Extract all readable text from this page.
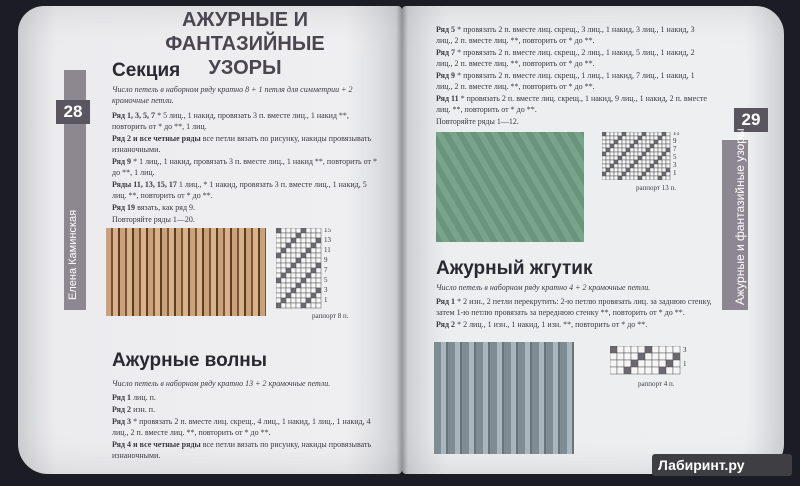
28
Елена Каминская
29
Ажурные и фантазийные узоры
АЖУРНЫЕ И ФАНТАЗИЙНЫЕ
УЗОРЫ
Секция
Число петель в наборном ряду кратно 8 + 1 петля для симметрии + 2 кромочные петли.
Ряд 1, 3, 5, 7 * 5 лиц., 1 накид, провязать 3 п. вместе лиц., 1 накид **, повторить от * до **, 1 лиц.
Ряд 2 и все четные ряды все петли вязать по рисунку, накиды провязывать изнаночными.
Ряд 9 * 1 лиц., 1 накид, провязать 3 п. вместе лиц., 1 накид **, повторить от * до **, 1 лиц.
Ряды 11, 13, 15, 17 1 лиц., * 1 накид, провязать 3 п. вместе лиц., 1 накид, 5 лиц. **, повторить от * до **.
Ряд 19 вязать, как ряд 9.
Повторяйте ряды 1—20.
15
13
11
9
7
5
3
1
раппорт 8 п.
Ажурные волны
Число петель в наборном ряду кратно 13 + 2 кромочные петли.
Ряд 1 лиц. п.
Ряд 2 изн. п.
Ряд 3 * провязать 2 п. вместе лиц. скрещ., 4 лиц., 1 накид, 1 лиц., 1 накид, 4 лиц., 2 п. вместе лиц. **, повторить от * до **.
Ряд 4 и все четные ряды все петли вязать по рисунку, накиды провязывать изнаночными.
Ряд 5 * провязать 2 п. вместе лиц. скрещ., 3 лиц., 1 накид, 3 лиц., 1 накид, 3 лиц., 2 п. вместе лиц. **, повторить от * до **.
Ряд 7 * провязать 2 п. вместе лиц. скрещ., 2 лиц., 1 накид, 5 лиц., 1 накид, 2 лиц., 2 п. вместе лиц. **, повторить от * до **.
Ряд 9 * провязать 2 п. вместе лиц. скрещ., 1 лиц., 1 накид, 7 лиц., 1 накид, 1 лиц., 2 п. вместе лиц. **, повторить от * до **.
Ряд 11 * провязать 2 п. вместе лиц. скрещ., 1 накид, 9 лиц., 1 накид, 2 п. вместе лиц. **, повторить от * до **.
Повторяйте ряды 1—12.
11
9
7
5
3
1
раппорт 13 п.
Ажурный жгутик
Число петель в наборном ряду кратно 4 + 2 кромочные петли.
Ряд 1 * 2 изн., 2 петли перекрутить: 2-ю петлю провязать лиц. за заднюю стенку, затем 1-ю петлю провязать за переднюю стенку **, повторить от * до **.
Ряд 2 * 2 лиц., 1 изн., 1 накид, 1 изн. **, повторить от * до **.
3
1
раппорт 4 п.
Лабиринт.ру
